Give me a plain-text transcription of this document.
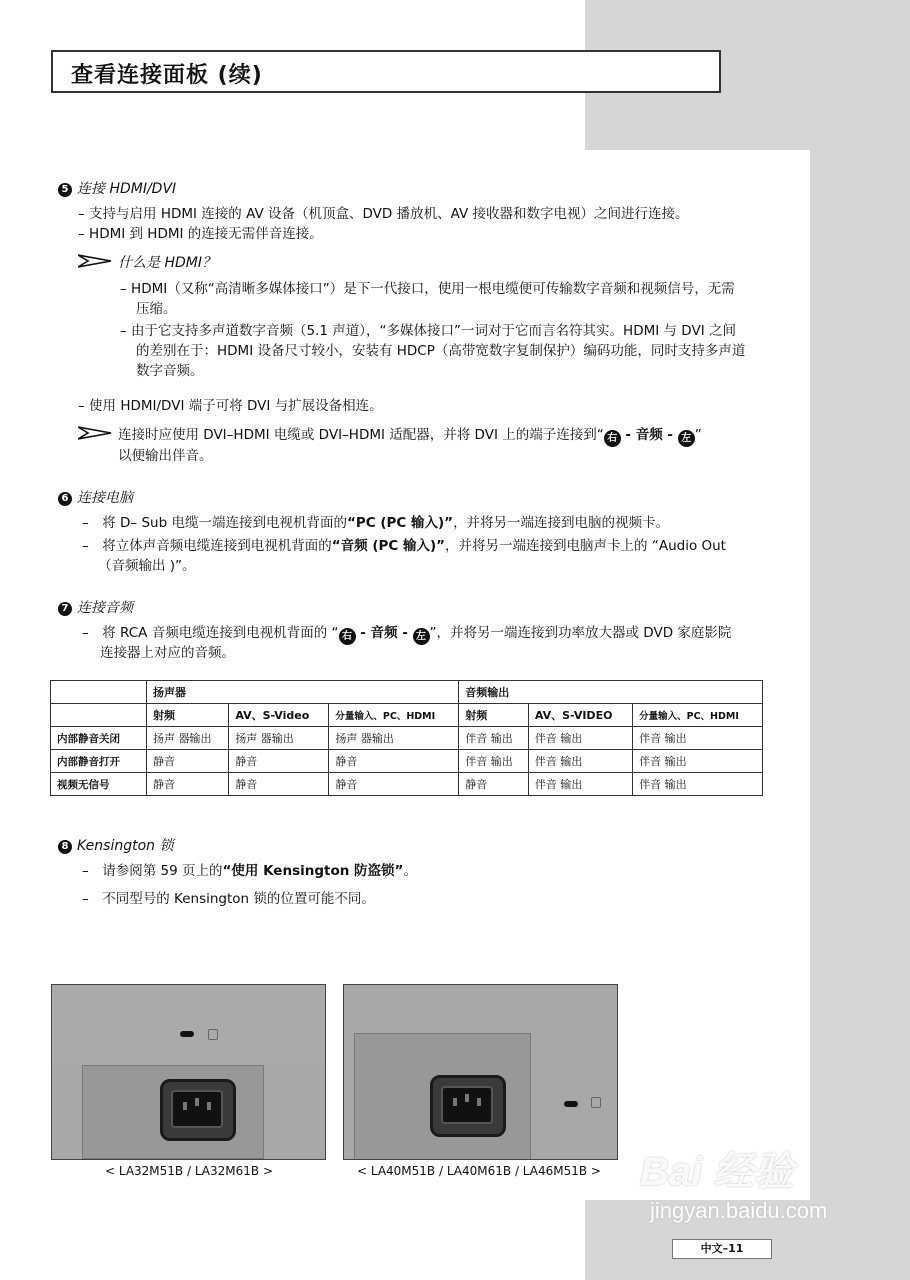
查看连接面板 (续)
5 连接 HDMI/DVI
– 支持与启用 HDMI 连接的 AV 设备（机顶盒、DVD 播放机、AV 接收器和数字电视）之间进行连接。
– HDMI 到 HDMI 的连接无需伴音连接。
什么是 HDMI？
– HDMI（又称“高清晰多媒体接口”）是下一代接口，使用一根电缆便可传输数字音频和视频信号，无需
压缩。
– 由于它支持多声道数字音频（5.1 声道），“多媒体接口”一词对于它而言名符其实。HDMI 与 DVI 之间
的差别在于：HDMI 设备尺寸较小，安装有 HDCP（高带宽数字复制保护）编码功能，同时支持多声道
数字音频。
– 使用 HDMI/DVI 端子可将 DVI 与扩展设备相连。
连接时应使用 DVI–HDMI 电缆或 DVI–HDMI 适配器，并将 DVI 上的端子连接到“ 右 - 音频 - 左 ”
以便输出伴音。
6 连接电脑
–　将 D– Sub 电缆一端连接到电视机背面的“PC (PC 输入)”，并将另一端连接到电脑的视频卡。
–　将立体声音频电缆连接到电视机背面的“音频 (PC 输入)”，并将另一端连接到电脑声卡上的 “Audio Out
（音频输出 )”。
7 连接音频
–　将 RCA 音频电缆连接到电视机背面的 “ 右 - 音频 - 左 ”，并将另一端连接到功率放大器或 DVD 家庭影院
连接器上对应的音频。
	扬声器			音频输出		
	射频	AV、S-Video	分量输入、PC、HDMI	射频	AV、S-VIDEO	分量输入、PC、HDMI
内部静音关闭	扬声 器输出	扬声 器输出	扬声 器输出	伴音 输出	伴音 输出	伴音 输出
内部静音打开	静音	静音	静音	伴音 输出	伴音 输出	伴音 输出
视频无信号	静音	静音	静音	静音	伴音 输出	伴音 输出
8 Kensington 锁
–　请参阅第 59 页上的“使用 Kensington 防盗锁”。
–　不同型号的 Kensington 锁的位置可能不同。
< LA32M51B / LA32M61B >	< LA40M51B / LA40M61B / LA46M51B > Bai 经验
jingyan.baidu.com
中文–11
